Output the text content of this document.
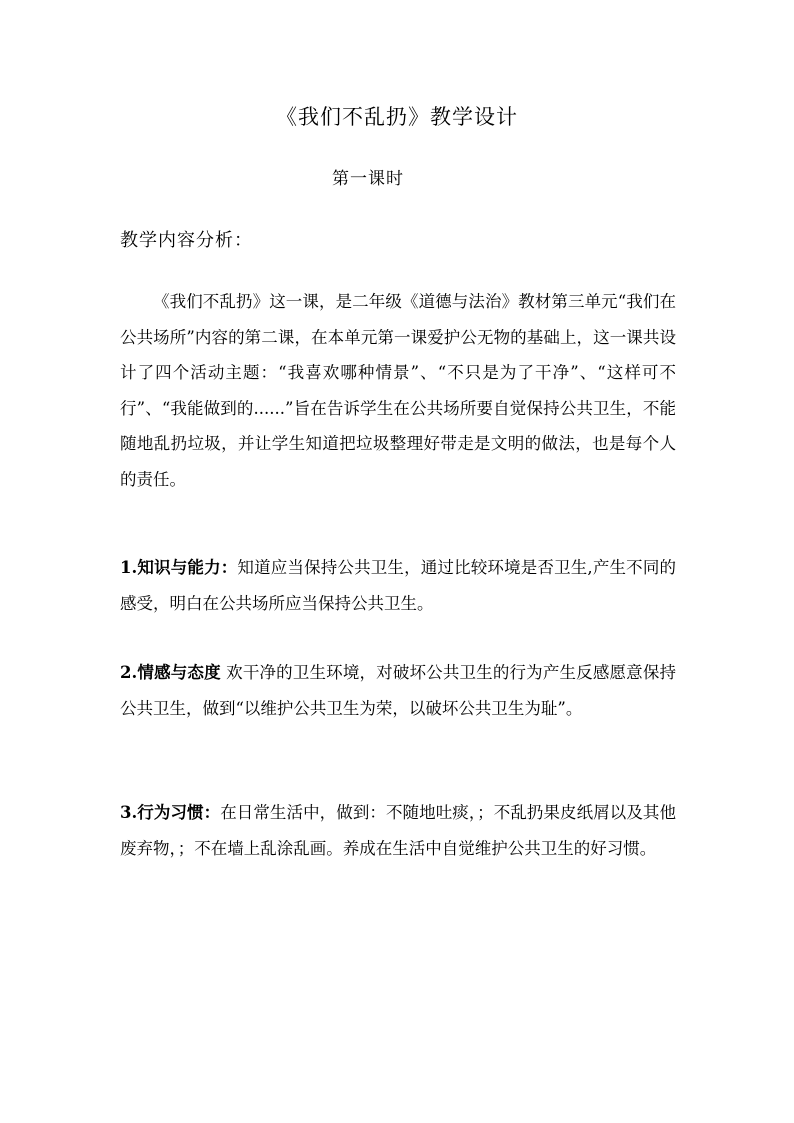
《我们不乱扔》教学设计
第一课时
教学内容分析：
《我们不乱扔》这一课，是二年级《道德与法治》教材第三单元“我们在公共场所”内容的第二课，在本单元第一课爱护公无物的基础上，这一课共设计了四个活动主题：“我喜欢哪种情景”、“不只是为了干净”、“这样可不行”、“我能做到的......”旨在告诉学生在公共场所要自觉保持公共卫生，不能随地乱扔垃圾，并让学生知道把垃圾整理好带走是文明的做法，也是每个人的责任。
1.知识与能力：知道应当保持公共卫生，通过比较环境是否卫生,产生不同的感受，明白在公共场所应当保持公共卫生。
2.情感与态度 欢干净的卫生环境，对破坏公共卫生的行为产生反感愿意保持公共卫生，做到“以维护公共卫生为荣，以破坏公共卫生为耻”。
3.行为习惯：在日常生活中，做到：不随地吐痰，；不乱扔果皮纸屑以及其他废弃物，；不在墙上乱涂乱画。养成在生活中自觉维护公共卫生的好习惯。
